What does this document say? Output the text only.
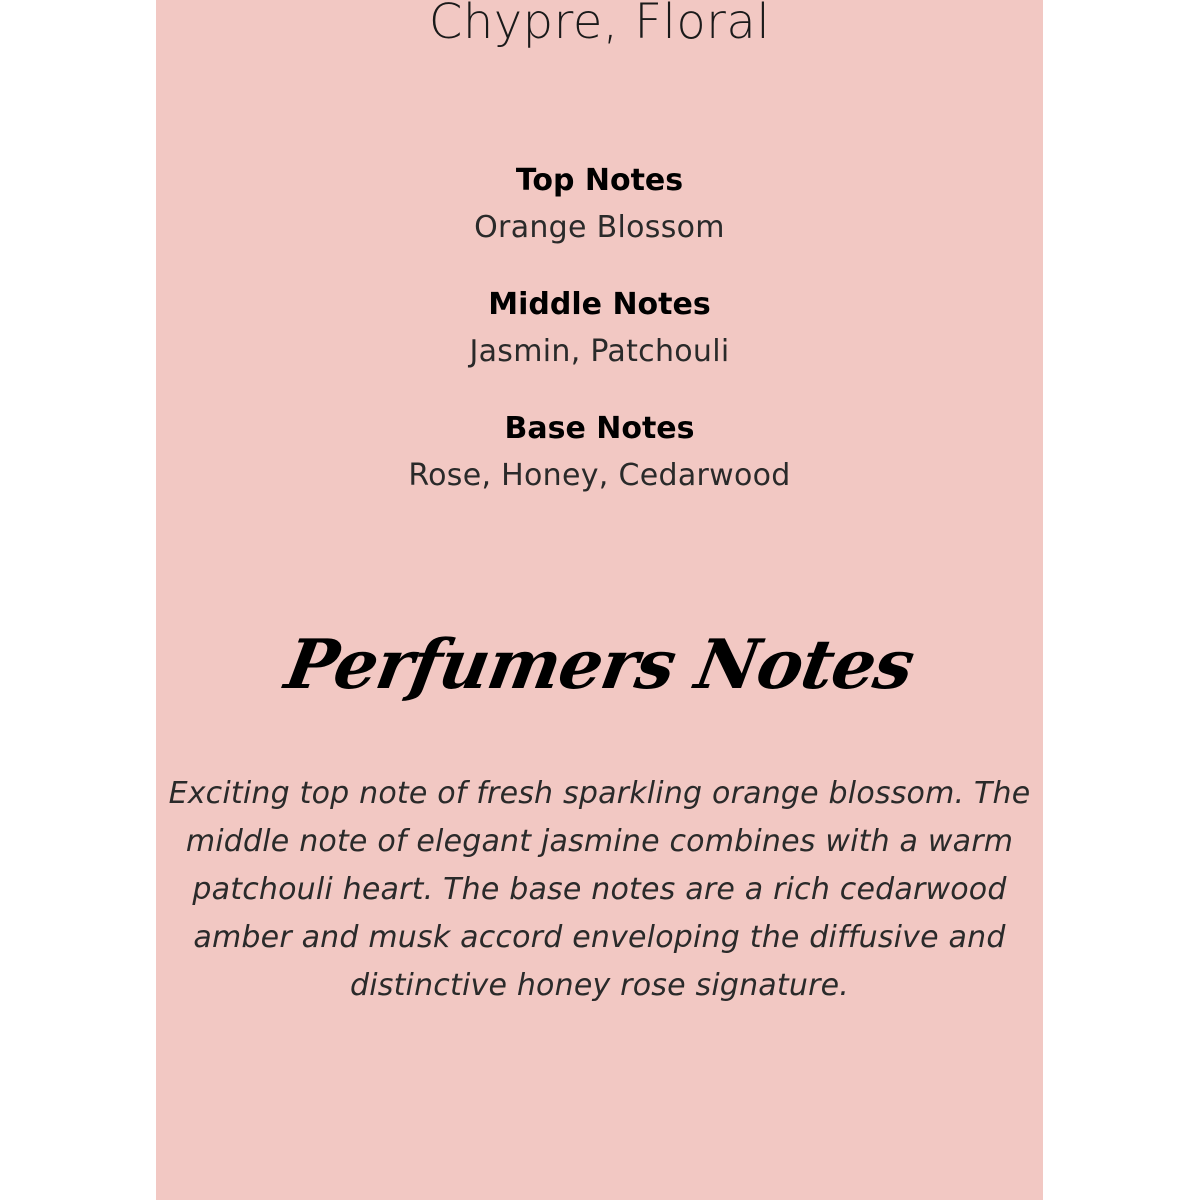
Chypre, Floral
Top Notes
Orange Blossom
Middle Notes
Jasmin, Patchouli
Base Notes
Rose, Honey, Cedarwood
Perfumers Notes
Exciting top note of fresh sparkling orange blossom. The
middle note of elegant jasmine combines with a warm
patchouli heart. The base notes are a rich cedarwood
amber and musk accord enveloping the diffusive and
distinctive honey rose signature.
